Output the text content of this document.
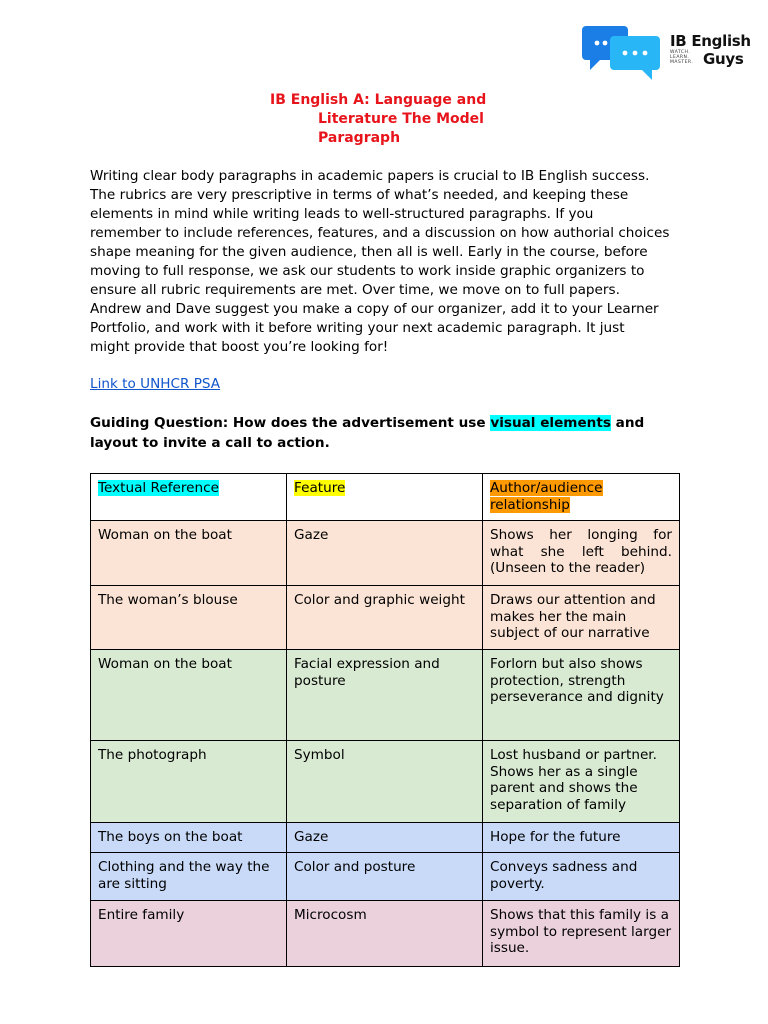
IB English
WATCH.
LEARN.
MASTER. Guys
IB English A: Language and
Literature The Model
Paragraph
Writing clear body paragraphs in academic papers is crucial to IB English success.
The rubrics are very prescriptive in terms of what’s needed, and keeping these
elements in mind while writing leads to well-structured paragraphs. If you
remember to include references, features, and a discussion on how authorial choices
shape meaning for the given audience, then all is well. Early in the course, before
moving to full response, we ask our students to work inside graphic organizers to
ensure all rubric requirements are met. Over time, we move on to full papers.
Andrew and Dave suggest you make a copy of our organizer, add it to your Learner
Portfolio, and work with it before writing your next academic paragraph. It just
might provide that boost you’re looking for!
Link to UNHCR PSA
Guiding Question: How does the advertisement use visual elements and
layout to invite a call to action.
Textual Reference	Feature	Author/audience relationship
Woman on the boat	Gaze	Shows her longing for what she left behind. (Unseen to the reader)
The woman’s blouse	Color and graphic weight	Draws our attention and makes her the main subject of our narrative
Woman on the boat	Facial expression and posture	Forlorn but also shows protection, strength perseverance and dignity
The photograph	Symbol	Lost husband or partner. Shows her as a single parent and shows the separation of family
The boys on the boat	Gaze	Hope for the future
Clothing and the way the are sitting	Color and posture	Conveys sadness and poverty.
Entire family	Microcosm	Shows that this family is a symbol to represent larger issue.
